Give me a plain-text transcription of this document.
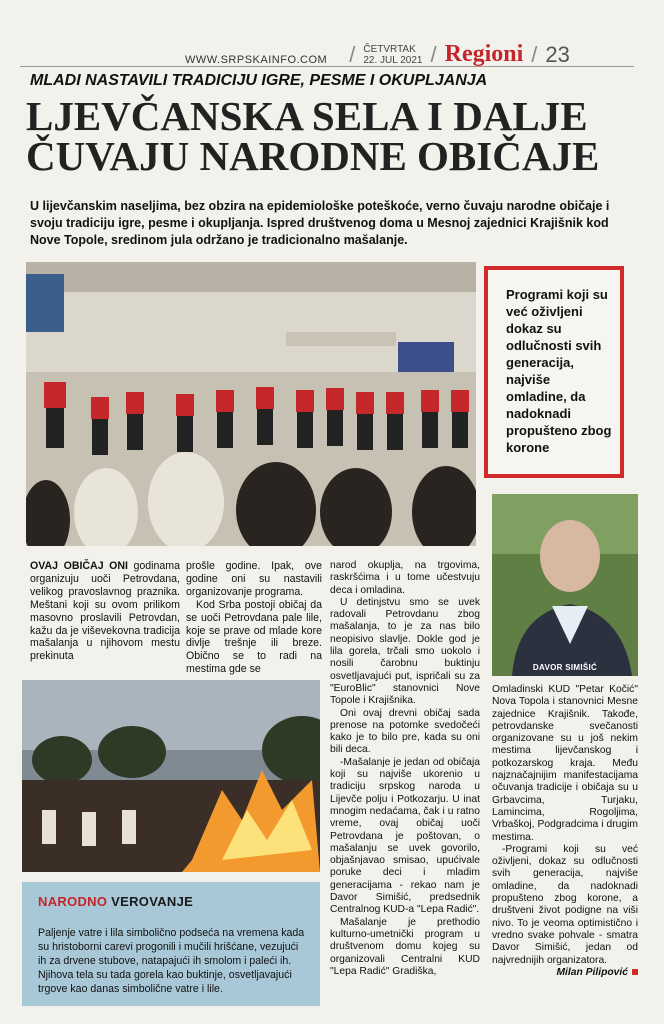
WWW.SRPSKAINFO.COM / ČETVRTAK
22. JUL 2021 / Regioni / 23
MLADI NASTAVILI TRADICIJU IGRE, PESME I OKUPLJANJA
LJEVČANSKA SELA I DALJE ČUVAJU NARODNE OBIČAJE
U lijevčanskim naseljima, bez obzira na epidemiološke poteškoće, verno čuvaju narodne običaje i svoju tradiciju igre, pesme i okupljanja. Ispred društvenog doma u Mesnoj zajednici Krajišnik kod Nove Topole, sredinom jula održano je tradicionalno mašalanje.
Programi koji su već oživljeni dokaz su odlučnosti svih generacija, najviše omladine, da nadoknadi propušteno zbog korone
DAVOR SIMIŠIĆ

OVAJ OBIČAJ ONI godinama organizuju uoči Petrovdana, velikog pravoslavnog praznika. Meštani koji su ovom prilikom masovno proslavili Petrovdan, kažu da je viševekovna tradicija mašalanja u njihovom mestu prekinuta

prošle godine. Ipak, ove godine oni su nastavili organizovanje programa.

Kod Srba postoji običaj da se uoči Petrovdana pale lile, koje se prave od mlade kore divlje trešnje ili breze. Obično se to radi na mestima gde se

narod okuplja, na trgovima, raskršćima i u tome učestvuju deca i omladina.

U detinjstvu smo se uvek radovali Petrovdanu zbog mašalanja, to je za nas bilo neopisivo slavlje. Dokle god je lila gorela, trčali smo uokolo i nosili čarobnu buktinju osvetljavajući put, ispričali su za "EuroBlic" stanovnici Nove Topole i Krajišnika.

Oni ovaj drevni običaj sada prenose na potomke svedočeći kako je to bilo pre, kada su oni bili deca.

-Mašalanje je jedan od običaja koji su najviše ukorenio u tradiciju srpskog naroda u Lijevče polju i Potkozarju. U inat mnogim nedaćama, čak i u ratno vreme, ovaj običaj uoči Petrovdana je poštovan, o mašalanju se uvek govorilo, objašnjavao smisao, upućivale poruke deci i mladim generacijama - rekao nam je Davor Simišić, predsednik Centralnog KUD-a "Lepa Radić".

Mašalanje je prethodio kulturno-umetnički program u društvenom domu kojeg su organizovali Centralni KUD "Lepa Radić" Gradiška,

Omladinski KUD "Petar Kočić" Nova Topola i stanovnici Mesne zajednice Krajišnik. Takođe, petrovdanske svečanosti organizovane su u još nekim mestima lijevčanskog i potkozarskog kraja. Među najznačajnijim manifestacijama očuvanja tradicije i običaja su u Grbavcima, Turjaku, Lamincima, Rogoljima, Vrbaškoj, Podgradcima i drugim mestima.

-Programi koji su već oživljeni, dokaz su odlučnosti svih generacija, najviše omladine, da nadoknadi propušteno zbog korone, a društveni život podigne na viši nivo. To je veoma optimistično i vredno svake pohvale - smatra Davor Simišić, jedan od najvrednijih organizatora.

Milan Pilipović
NARODNO VEROVANJE
Paljenje vatre i lila simbolično podseća na vremena kada su hristoborni carevi progonili i mučili hrišćane, vezujući ih za drvene stubove, natapajući ih smolom i paleći ih. Njihova tela su tada gorela kao buktinje, osvetljavajući trgove kao danas simbolične vatre i lile.
